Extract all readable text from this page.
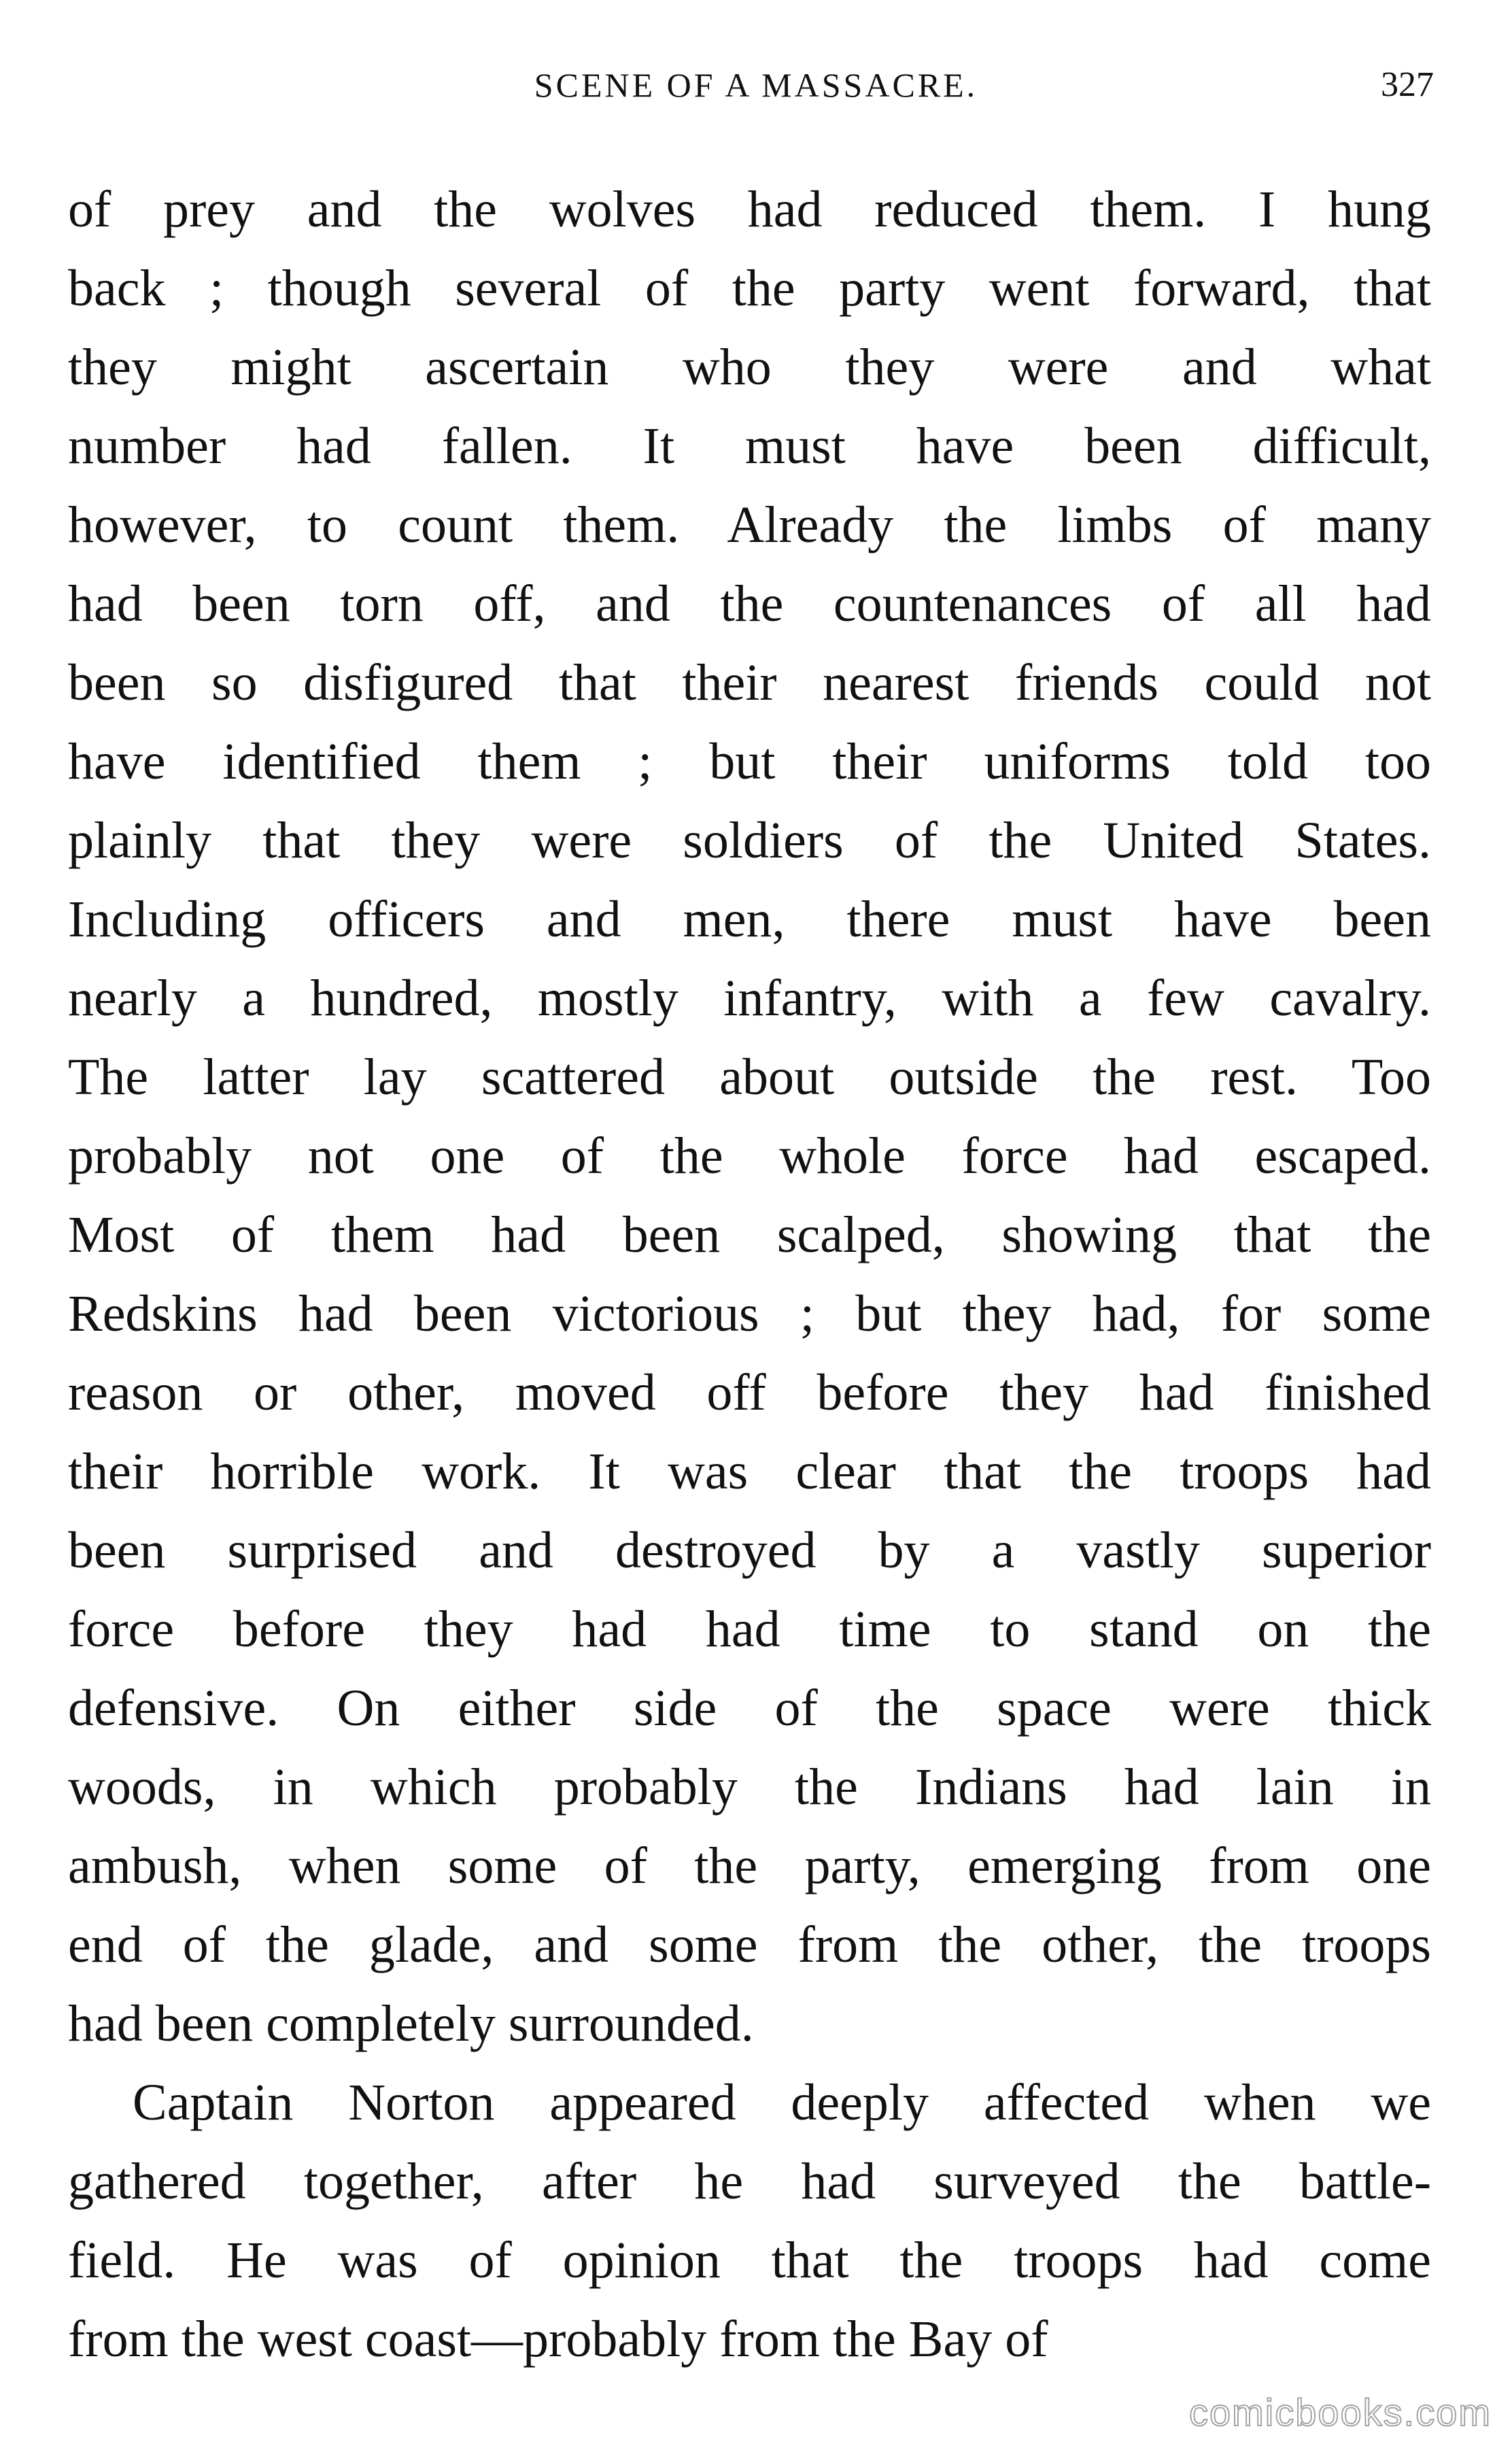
SCENE OF A MASSACRE.	327
of prey and the wolves had reduced them. I hung
back ; though several of the party went forward, that
they might ascertain who they were and what
number had fallen. It must have been difficult,
however, to count them. Already the limbs of many
had been torn off, and the countenances of all had
been so disfigured that their nearest friends could not
have identified them ; but their uniforms told too
plainly that they were soldiers of the United States.
Including officers and men, there must have been
nearly a hundred, mostly infantry, with a few cavalry.
The latter lay scattered about outside the rest. Too
probably not one of the whole force had escaped.
Most of them had been scalped, showing that the
Redskins had been victorious ; but they had, for some
reason or other, moved off before they had finished
their horrible work. It was clear that the troops had
been surprised and destroyed by a vastly superior
force before they had had time to stand on the
defensive. On either side of the space were thick
woods, in which probably the Indians had lain in
ambush, when some of the party, emerging from one
end of the glade, and some from the other, the troops
had been completely surrounded.
Captain Norton appeared deeply affected when we
gathered together, after he had surveyed the battle-
field. He was of opinion that the troops had come
from the west coast—probably from the Bay of
comicbooks.com
